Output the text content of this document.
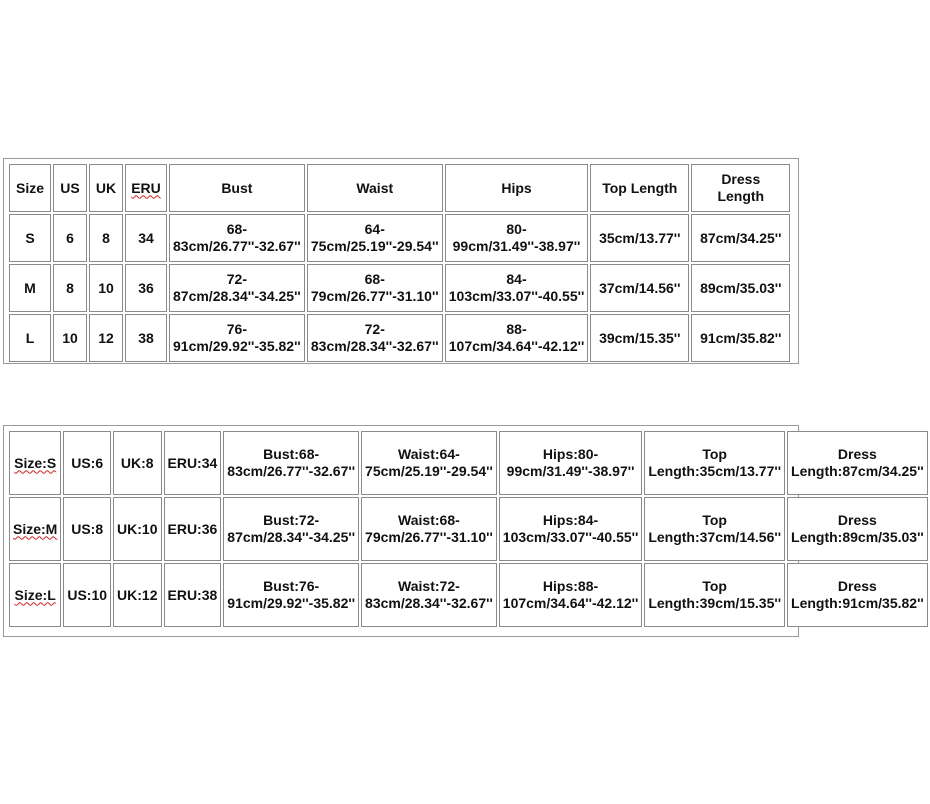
Size	US	UK	ERU	Bust	Waist	Hips	Top Length	Dress Length
S	6	8	34	68-83cm/26.77''-32.67''	64-75cm/25.19''-29.54''	80-99cm/31.49''-38.97''	35cm/13.77''	87cm/34.25''
M	8	10	36	72-87cm/28.34''-34.25''	68-79cm/26.77''-31.10''	84-103cm/33.07''-40.55''	37cm/14.56''	89cm/35.03''
L	10	12	38	76-91cm/29.92''-35.82''	72-83cm/28.34''-32.67''	88-107cm/34.64''-42.12''	39cm/15.35''	91cm/35.82''
Size:S	US:6	UK:8	ERU:34	Bust:68-83cm/26.77''-32.67''	Waist:64-75cm/25.19''-29.54''	Hips:80-99cm/31.49''-38.97''	Top Length:35cm/13.77''	Dress Length:87cm/34.25''
Size:M	US:8	UK:10	ERU:36	Bust:72-87cm/28.34''-34.25''	Waist:68-79cm/26.77''-31.10''	Hips:84-103cm/33.07''-40.55''	Top Length:37cm/14.56''	Dress Length:89cm/35.03''
Size:L	US:10	UK:12	ERU:38	Bust:76-91cm/29.92''-35.82''	Waist:72-83cm/28.34''-32.67''	Hips:88-107cm/34.64''-42.12''	Top Length:39cm/15.35''	Dress Length:91cm/35.82''
